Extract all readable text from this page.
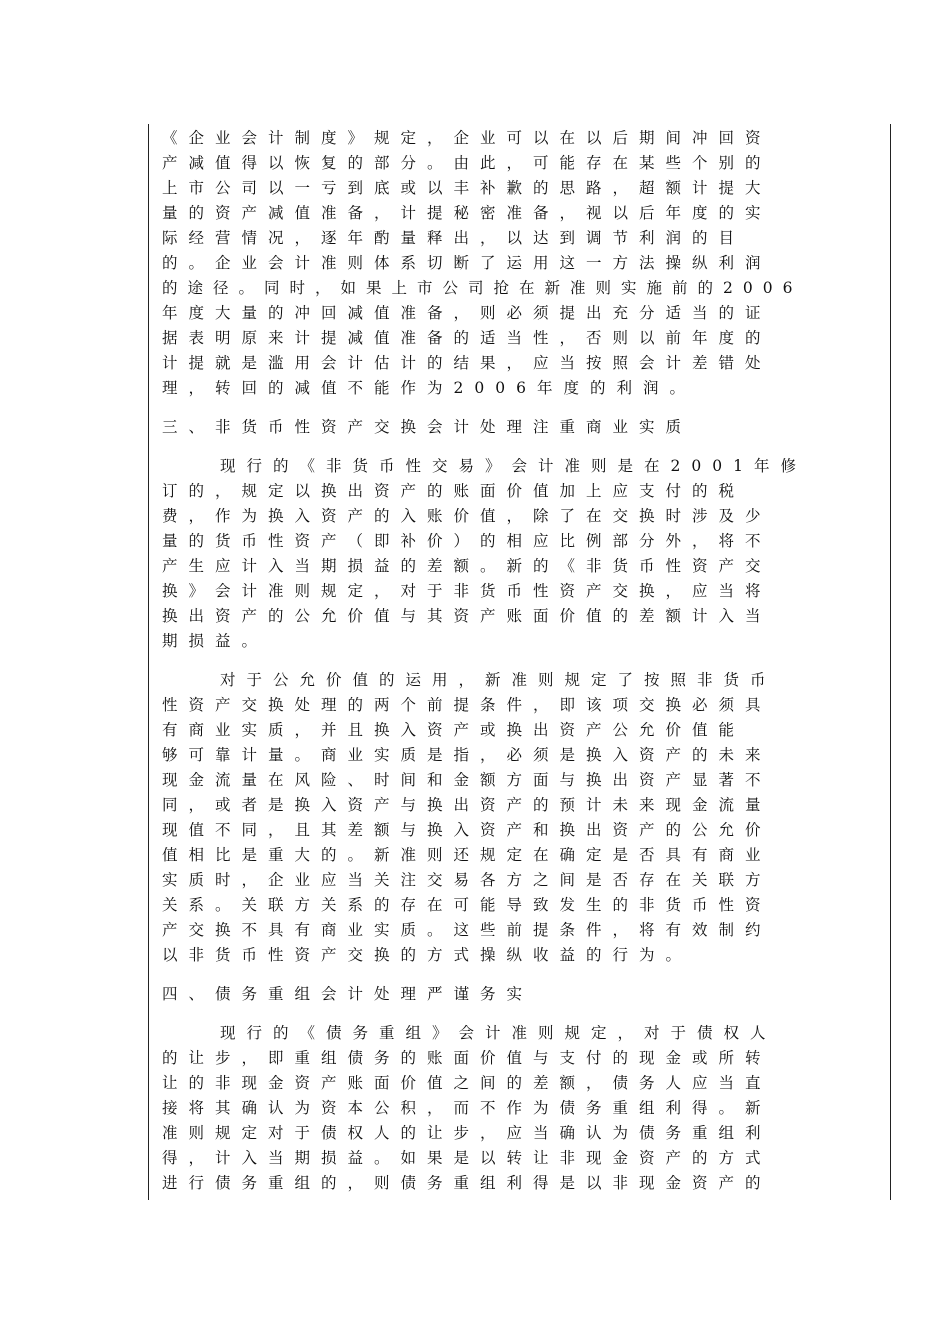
《企业会计制度》规定，企业可以在以后期间冲回资
产减值得以恢复的部分。由此，可能存在某些个别的
上市公司以一亏到底或以丰补歉的思路，超额计提大
量的资产减值准备，计提秘密准备，视以后年度的实
际经营情况，逐年酌量释出，以达到调节利润的目
的。企业会计准则体系切断了运用这一方法操纵利润
的途径。同时，如果上市公司抢在新准则实施前的2006
年度大量的冲回减值准备，则必须提出充分适当的证
据表明原来计提减值准备的适当性，否则以前年度的
计提就是滥用会计估计的结果，应当按照会计差错处
理，转回的减值不能作为2006年度的利润。
三、非货币性资产交换会计处理注重商业实质
现行的《非货币性交易》会计准则是在2001年修
订的，规定以换出资产的账面价值加上应支付的税
费，作为换入资产的入账价值，除了在交换时涉及少
量的货币性资产（即补价）的相应比例部分外，将不
产生应计入当期损益的差额。新的《非货币性资产交
换》会计准则规定，对于非货币性资产交换，应当将
换出资产的公允价值与其资产账面价值的差额计入当
期损益。
对于公允价值的运用，新准则规定了按照非货币
性资产交换处理的两个前提条件，即该项交换必须具
有商业实质，并且换入资产或换出资产公允价值能
够可靠计量。商业实质是指，必须是换入资产的未来
现金流量在风险、时间和金额方面与换出资产显著不
同，或者是换入资产与换出资产的预计未来现金流量
现值不同，且其差额与换入资产和换出资产的公允价
值相比是重大的。新准则还规定在确定是否具有商业
实质时，企业应当关注交易各方之间是否存在关联方
关系。关联方关系的存在可能导致发生的非货币性资
产交换不具有商业实质。这些前提条件，将有效制约
以非货币性资产交换的方式操纵收益的行为。
四、债务重组会计处理严谨务实
现行的《债务重组》会计准则规定，对于债权人
的让步，即重组债务的账面价值与支付的现金或所转
让的非现金资产账面价值之间的差额，债务人应当直
接将其确认为资本公积，而不作为债务重组利得。新
准则规定对于债权人的让步，应当确认为债务重组利
得，计入当期损益。如果是以转让非现金资产的方式
进行债务重组的，则债务重组利得是以非现金资产的
